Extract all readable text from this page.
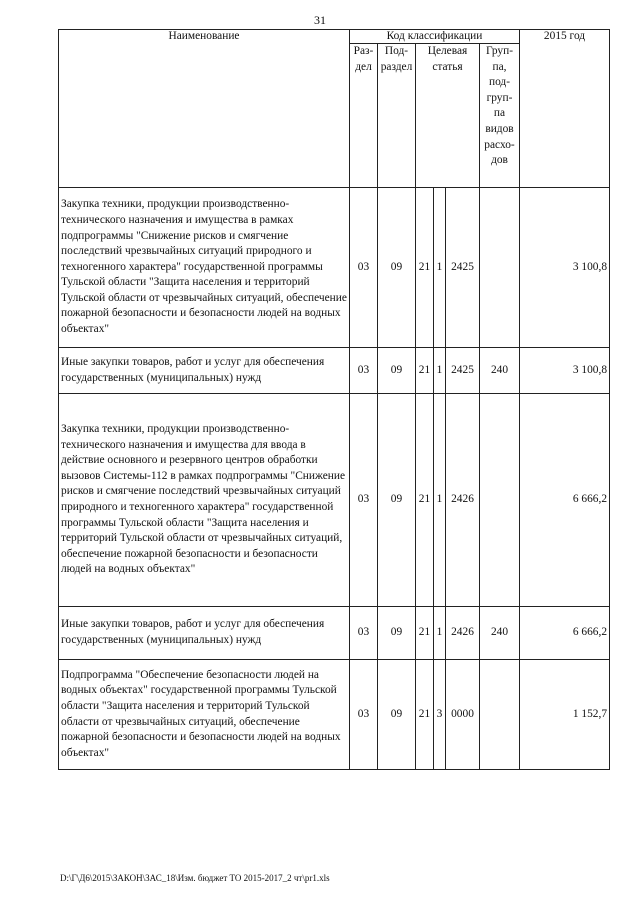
31
Наименование	Код классификации						2015 год
	Раз-дел	Под-раздел	Целевая статья			Груп-па, под-груп-па видов расхо-дов	
Закупка техники, продукции производственно-технического назначения и имущества в рамках подпрограммы "Снижение рисков и смягчение последствий чрезвычайных ситуаций природного и техногенного характера" государственной программы Тульской области "Защита населения и территорий Тульской области от чрезвычайных ситуаций, обеспечение пожарной безопасности и безопасности людей на водных объектах"	03	09	21	1	2425		3 100,8
Иные закупки товаров, работ и услуг для обеспечения государственных (муниципальных) нужд	03	09	21	1	2425	240	3 100,8
Закупка техники, продукции производственно-технического назначения и имущества для ввода в действие основного и резервного центров обработки вызовов Системы-112 в рамках подпрограммы "Снижение рисков и смягчение последствий чрезвычайных ситуаций природного и техногенного характера" государственной программы Тульской области "Защита населения и территорий Тульской области от чрезвычайных ситуаций, обеспечение пожарной безопасности и безопасности людей на водных объектах"	03	09	21	1	2426		6 666,2
Иные закупки товаров, работ и услуг для обеспечения государственных (муниципальных) нужд	03	09	21	1	2426	240	6 666,2
Подпрограмма "Обеспечение безопасности людей на водных объектах" государственной программы Тульской области "Защита населения и территорий Тульской области от чрезвычайных ситуаций, обеспечение пожарной безопасности и безопасности людей на водных объектах"	03	09	21	3	0000		1 152,7
D:\Г\Д6\2015\ЗАКОН\ЗАС_18\Изм. бюджет ТО 2015-2017_2 чт\pr1.xls
